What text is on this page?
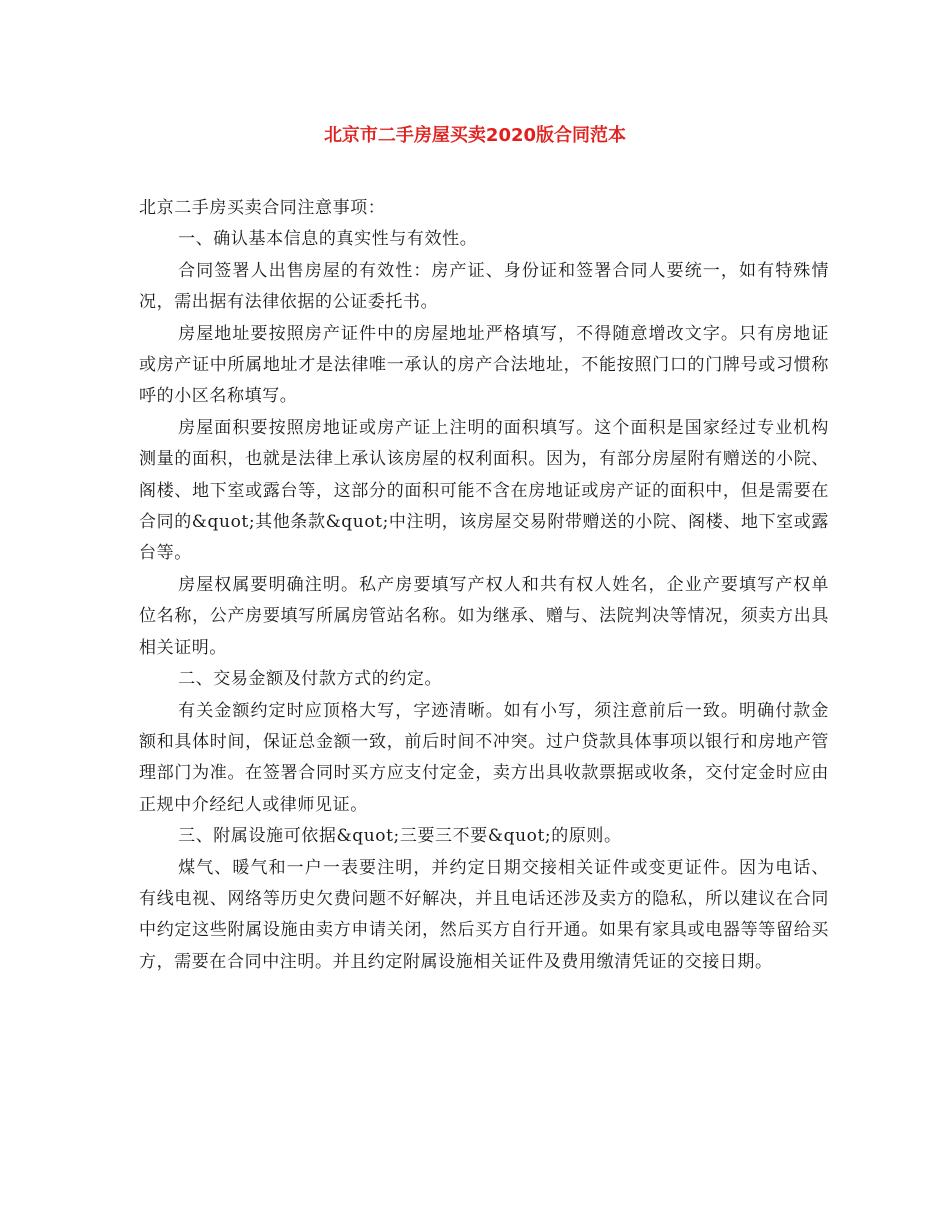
北京市二手房屋买卖2020版合同范本

北京二手房买卖合同注意事项：

一、确认基本信息的真实性与有效性。

合同签署人出售房屋的有效性：房产证、身份证和签署合同人要统一，如有特殊情况，需出据有法律依据的公证委托书。

房屋地址要按照房产证件中的房屋地址严格填写，不得随意增改文字。只有房地证或房产证中所属地址才是法律唯一承认的房产合法地址，不能按照门口的门牌号或习惯称呼的小区名称填写。

房屋面积要按照房地证或房产证上注明的面积填写。这个面积是国家经过专业机构测量的面积，也就是法律上承认该房屋的权利面积。因为，有部分房屋附有赠送的小院、阁楼、地下室或露台等，这部分的面积可能不含在房地证或房产证的面积中，但是需要在合同的&quot;其他条款&quot;中注明，该房屋交易附带赠送的小院、阁楼、地下室或露台等。

房屋权属要明确注明。私产房要填写产权人和共有权人姓名，企业产要填写产权单位名称，公产房要填写所属房管站名称。如为继承、赠与、法院判决等情况，须卖方出具相关证明。

二、交易金额及付款方式的约定。

有关金额约定时应顶格大写，字迹清晰。如有小写，须注意前后一致。明确付款金额和具体时间，保证总金额一致，前后时间不冲突。过户贷款具体事项以银行和房地产管理部门为准。在签署合同时买方应支付定金，卖方出具收款票据或收条，交付定金时应由正规中介经纪人或律师见证。

三、附属设施可依据&quot;三要三不要&quot;的原则。

煤气、暖气和一户一表要注明，并约定日期交接相关证件或变更证件。因为电话、有线电视、网络等历史欠费问题不好解决，并且电话还涉及卖方的隐私，所以建议在合同中约定这些附属设施由卖方申请关闭，然后买方自行开通。如果有家具或电器等等留给买方，需要在合同中注明。并且约定附属设施相关证件及费用缴清凭证的交接日期。
